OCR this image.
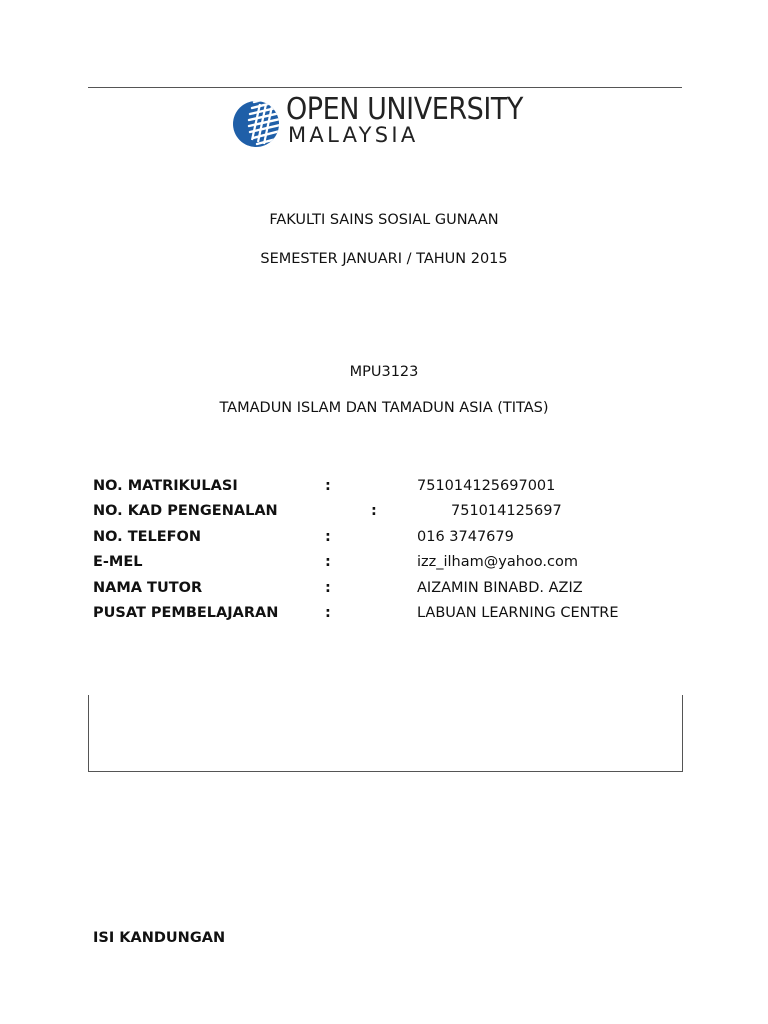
OPEN UNIVERSITY
MALAYSIA
FAKULTI SAINS SOSIAL GUNAAN
SEMESTER JANUARI / TAHUN 2015
MPU3123
TAMADUN ISLAM DAN TAMADUN ASIA (TITAS)
NO. MATRIKULASI	:	751014125697001
NO. KAD PENGENALAN	:	751014125697
NO. TELEFON	:	016 3747679
E-MEL	:	izz_ilham@yahoo.com
NAMA TUTOR	:	AIZAMIN BINABD. AZIZ
PUSAT PEMBELAJARAN	:	LABUAN LEARNING CENTRE
ISI KANDUNGAN
